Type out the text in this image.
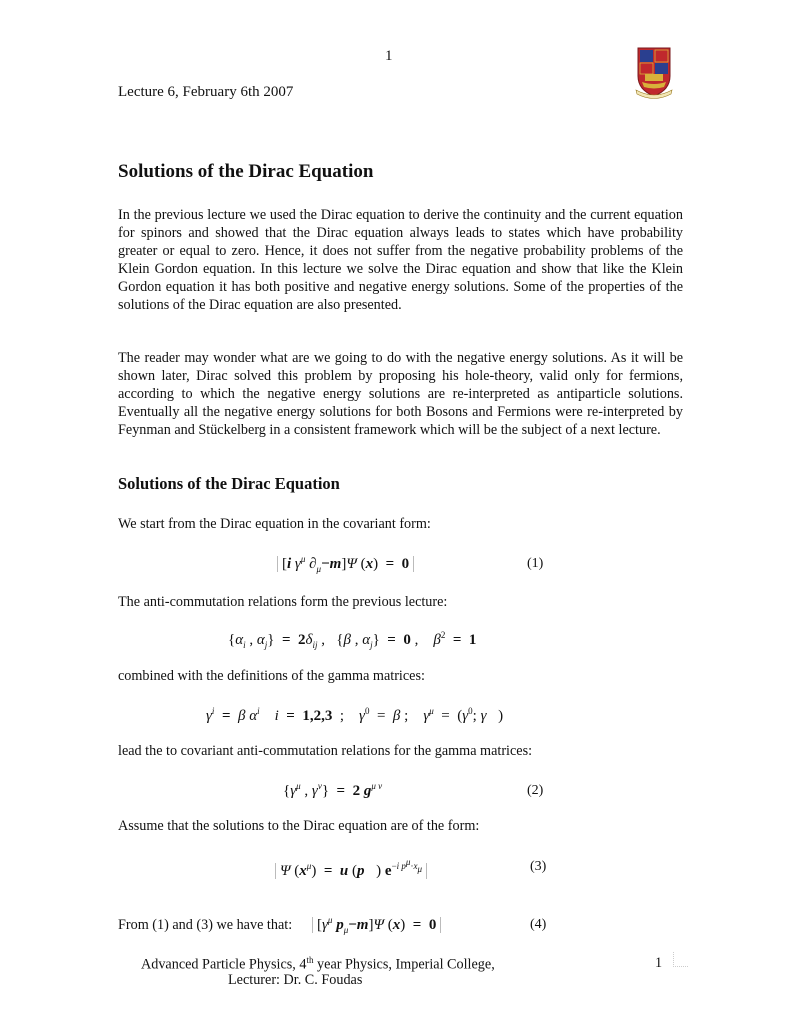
1
Lecture 6, February 6th 2007
Solutions of the Dirac Equation
In the previous lecture we used the Dirac equation to derive the continuity and the current equation for spinors and showed that the Dirac equation always leads to states which have probability greater or equal to zero. Hence, it does not suffer from the negative probability problems of the Klein Gordon equation. In this lecture we solve the Dirac equation and show that like the Klein Gordon equation it has both positive and negative energy solutions. Some of the properties of the solutions of the Dirac equation are also presented.
The reader may wonder what are we going to do with the negative energy solutions. As it will be shown later, Dirac solved this problem by proposing his hole-theory, valid only for fermions, according to which the negative energy solutions are re-interpreted as antiparticle solutions. Eventually all the negative energy solutions for both Bosons and Fermions were re-interpreted by Feynman and Stückelberg in a consistent framework which will be the subject of a next lecture.
Solutions of the Dirac Equation
We start from the Dirac equation in the covariant form:
[i $\gamma^\mu$ $\partial_\mu-m]\Psi$ (x)  = 0	(1)
The anti-commutation relations form the previous lecture:
{$\alpha_i$ , $\alpha_j\} = 2\delta_{ij}$ ,   {β , $\alpha_j\} = 0$ ,    $\beta^2 = 1$
combined with the definitions of the gamma matrices:
$\gamma^i = \beta$ $\alpha^i$ i = 1,2,3  ;    $\gamma^0 = \beta$ ;    $\gamma^\mu = (\gamma^0$; γ⃗)
lead the to covariant anti-commutation relations for the gamma matrices:
{$\gamma^\mu$ , $\gamma^\nu\} = 2$ $g^{\mu \nu}$	(2)
Assume that the solutions to the Dirac equation are of the form:
Ψ $(x^\mu) = u$ (p⃗) $e^{-i p^\mu\cdot x_\mu}$	(3)
From (1) and (3) we have that:	[$\gamma^\mu$ $p_\mu-m]\Psi$ (x)  = 0	(4)
Advanced Particle Physics, 4th year Physics, Imperial College,
Lecturer: Dr. C. Foudas
1
